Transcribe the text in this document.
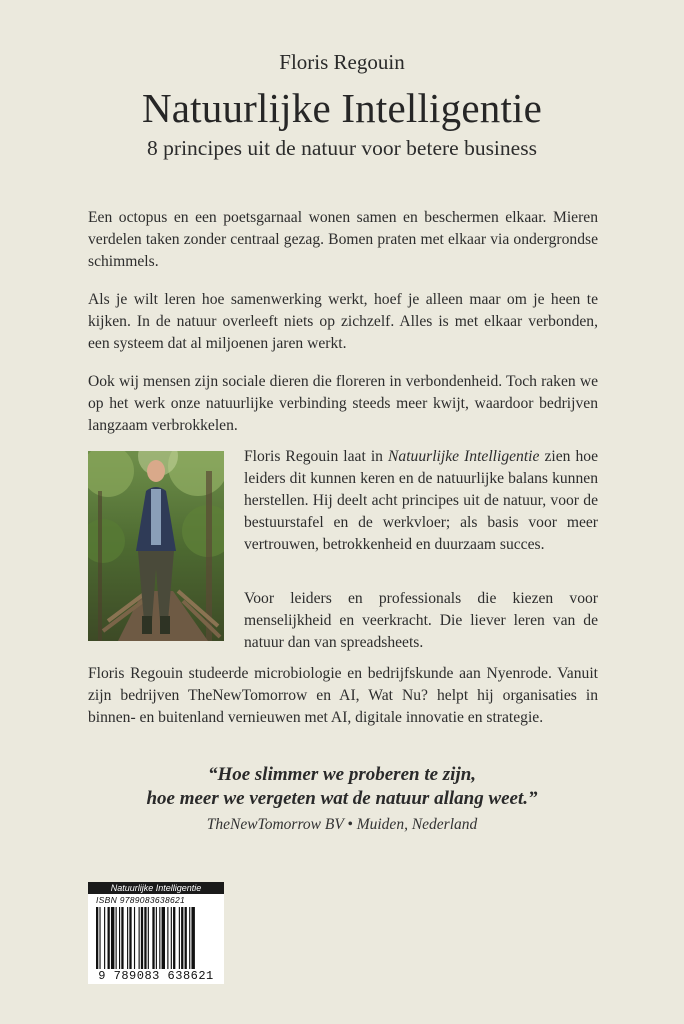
Floris Regouin
Natuurlijke Intelligentie
8 principes uit de natuur voor betere business

Een octopus en een poetsgarnaal wonen samen en beschermen elkaar. Mieren verdelen taken zonder centraal gezag. Bomen praten met elkaar via ondergrondse schimmels.

Als je wilt leren hoe samenwerking werkt, hoef je alleen maar om je heen te kijken. In de natuur overleeft niets op zichzelf. Alles is met elkaar verbonden, een systeem dat al miljoenen jaren werkt.

Ook wij mensen zijn sociale dieren die floreren in verbondenheid. Toch raken we op het werk onze natuurlijke verbinding steeds meer kwijt, waardoor bedrijven langzaam verbrokkelen.

Floris Regouin laat in Natuurlijke Intelligentie zien hoe leiders dit kunnen keren en de natuurlijke balans kunnen herstellen. Hij deelt acht principes uit de natuur, voor de bestuurstafel en de werkvloer; als basis voor meer vertrouwen, betrokkenheid en duurzaam succes.

Voor leiders en professionals die kiezen voor menselijkheid en veerkracht. Die liever leren van de natuur dan van spreadsheets.

Floris Regouin studeerde microbiologie en bedrijfskunde aan Nyenrode. Vanuit zijn bedrijven TheNewTomorrow en AI, Wat Nu? helpt hij organisaties in binnen- en buitenland vernieuwen met AI, digitale innovatie en strategie.

“Hoe slimmer we proberen te zijn,
hoe meer we vergeten wat de natuur allang weet.”
TheNewTomorrow BV • Muiden, Nederland
Natuurlijke Intelligentie
ISBN 9789083638621
9 789083 638621
